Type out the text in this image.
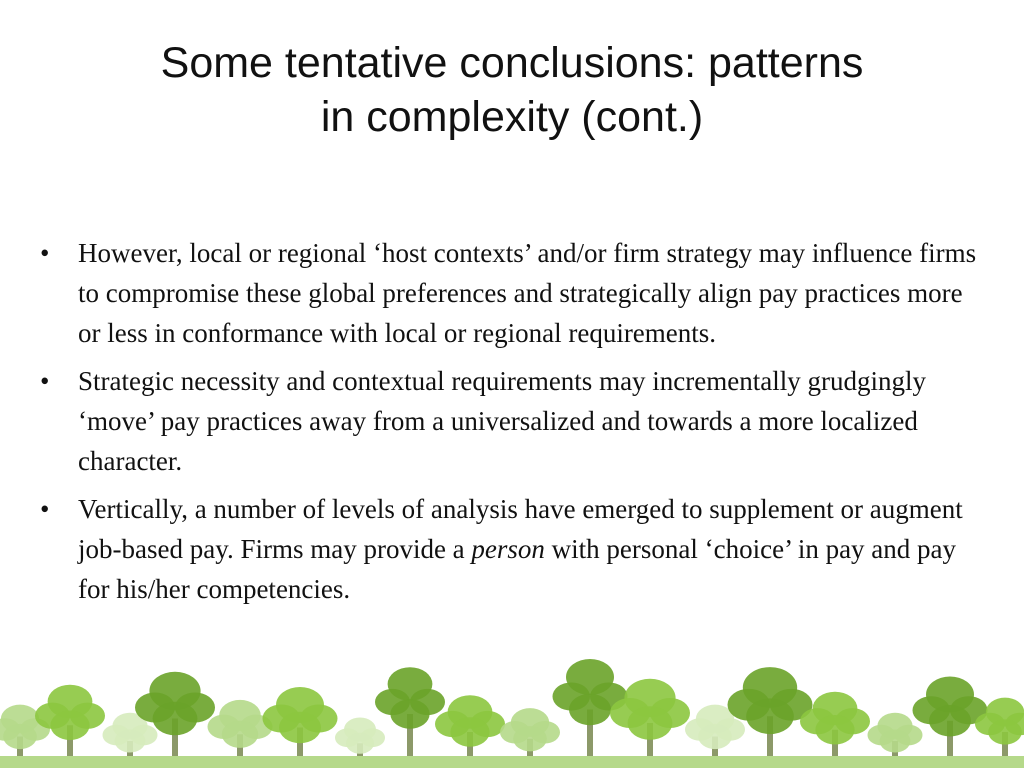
Some tentative conclusions: patterns
in complexity (cont.)
•	However, local or regional ‘host contexts’ and/or firm strategy may influence firms to compromise these global preferences and strategically align pay practices more or less in conformance with local or regional requirements.
•	Strategic necessity and contextual requirements may incrementally grudgingly ‘move’ pay practices away from a universalized and towards a more localized character.
•	Vertically, a number of levels of analysis have emerged to supplement or augment job-based pay. Firms may provide a person with personal ‘choice’ in pay and pay for his/her competencies.
